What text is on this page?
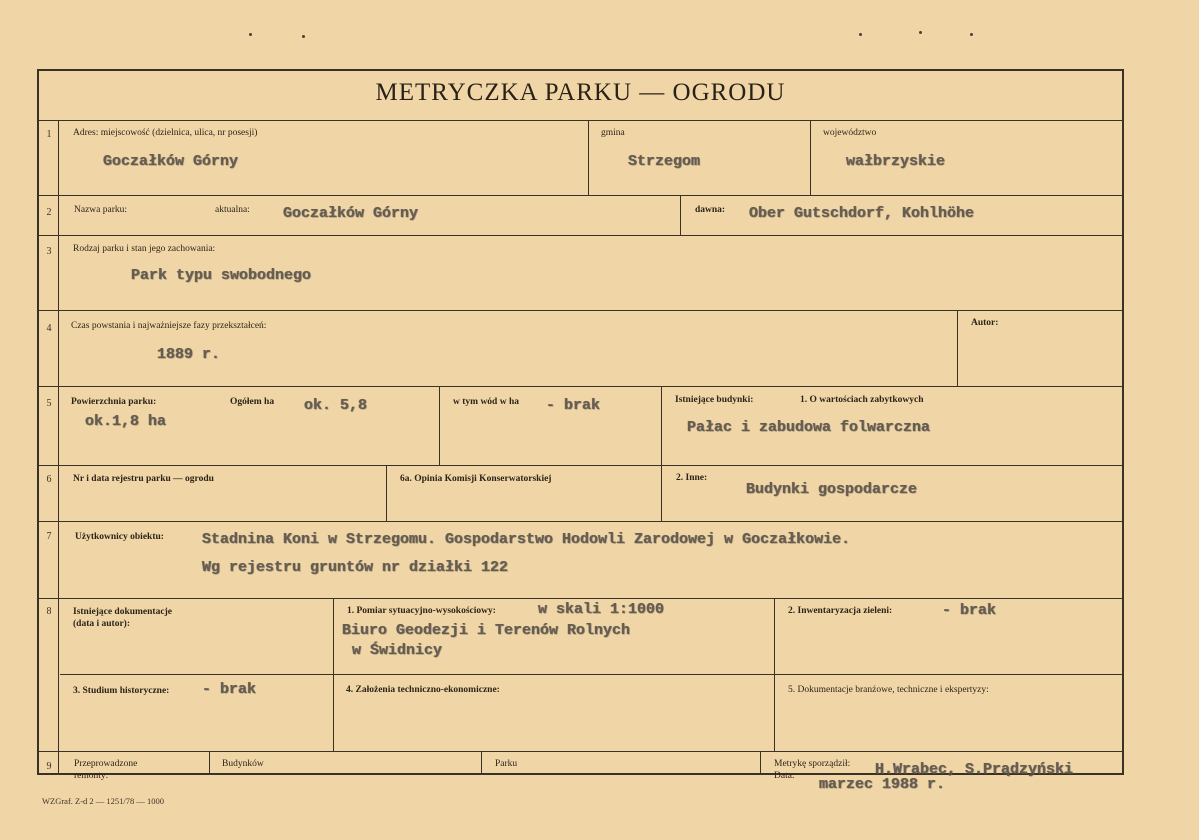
METRYCZKA PARKU — OGRODU
1	Adres: miejscowość (dzielnica, ulica, nr posesji)
Goczałków Górny
gmina
Strzegom
województwo
wałbrzyskie
2	Nazwa parku:	aktualna: Goczałków Górny	dawna: Ober Gutschdorf, Kohlhöhe
3	Rodzaj parku i stan jego zachowania:
Park typu swobodnego
4	Czas powstania i najważniejsze fazy przekształceń:
1889 r.
Autor:
5	Powierzchnia parku:
ok.1,8 ha
Ogółem ha ok. 5,8	w tym wód w ha - brak	Istniejące budynki:	1. O wartościach zabytkowych
Pałac i zabudowa folwarczna
6	Nr i data rejestru parku — ogrodu	6a. Opinia Komisji Konserwatorskiej	2. Inne:
Budynki gospodarcze
7	Użytkownicy obiektu:	Stadnina Koni w Strzegomu. Gospodarstwo Hodowli Zarodowej w Goczałkowie.
Wg rejestru gruntów nr działki 122
8	Istniejące dokumentacje
(data i autor):
1. Pomiar sytuacyjno-wysokościowy:	w skali 1:1000
Biuro Geodezji i Terenów Rolnych
w Świdnicy
2. Inwentaryzacja zieleni:	- brak
3. Studium historyczne: - brak	4. Założenia techniczno-ekonomiczne:	5. Dokumentacje branżowe, techniczne i ekspertyzy:
9	Przeprowadzone
remonty:
Budynków	Parku	Metrykę sporządził: H.Wrabec, S.Prądzyński
Data: marzec 1988 r.
WZGraf. Z-d 2 — 1251/78 — 1000
